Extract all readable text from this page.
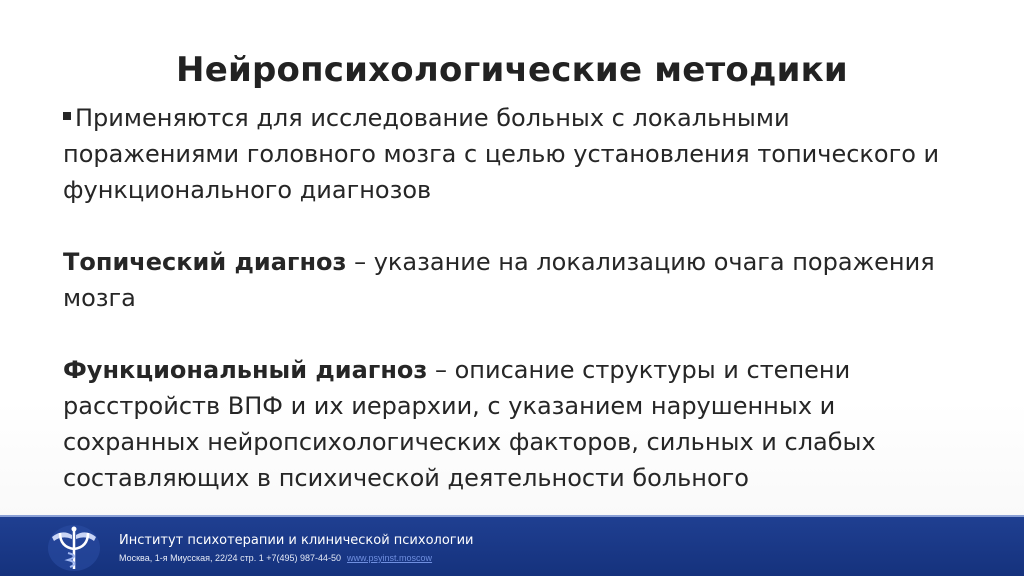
Нейропсихологические методики

Применяются для исследование больных с локальными поражениями головного мозга с целью установления топического и функционального диагнозов

Топический диагноз – указание на локализацию очага поражения мозга

Функциональный диагноз – описание структуры и степени расстройств ВПФ и их иерархии, с указанием нарушенных и сохранных нейропсихологических факторов, сильных и слабых составляющих в психической деятельности больного

Институт психотерапии и клинической психологии
Москва, 1-я Миусская, 22/24 стр. 1 +7(495) 987-44-50 www.psyinst.moscow
